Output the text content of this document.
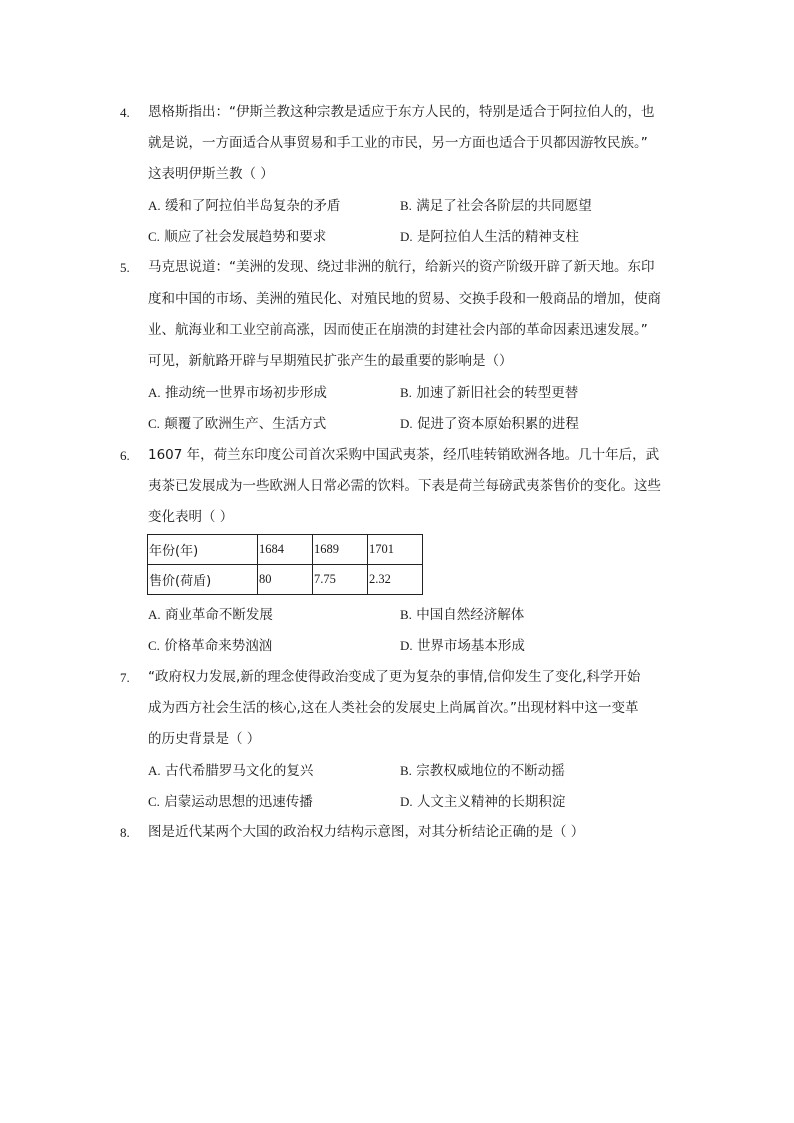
4. 恩格斯指出：“伊斯兰教这种宗教是适应于东方人民的，特别是适合于阿拉伯人的，也
就是说，一方面适合从事贸易和手工业的市民，另一方面也适合于贝都因游牧民族。”
这表明伊斯兰教（ ）
A. 缓和了阿拉伯半岛复杂的矛盾	B. 满足了社会各阶层的共同愿望
C. 顺应了社会发展趋势和要求	D. 是阿拉伯人生活的精神支柱
5. 马克思说道：“美洲的发现、绕过非洲的航行，给新兴的资产阶级开辟了新天地。东印
度和中国的市场、美洲的殖民化、对殖民地的贸易、交换手段和一般商品的增加，使商
业、航海业和工业空前高涨，因而使正在崩溃的封建社会内部的革命因素迅速发展。”
可见，新航路开辟与早期殖民扩张产生的最重要的影响是（）
A. 推动统一世界市场初步形成	B. 加速了新旧社会的转型更替
C. 颠覆了欧洲生产、生活方式	D. 促进了资本原始积累的进程
6. 1607 年，荷兰东印度公司首次采购中国武夷茶，经爪哇转销欧洲各地。几十年后，武
夷茶已发展成为一些欧洲人日常必需的饮料。下表是荷兰每磅武夷茶售价的变化。这些
变化表明（ ）
年份(年)	1684	1689	1701
售价(荷盾)	80	7.75	2.32
A. 商业革命不断发展	B. 中国自然经济解体
C. 价格革命来势汹汹	D. 世界市场基本形成
7. “政府权力发展,新的理念使得政治变成了更为复杂的事情,信仰发生了变化,科学开始
成为西方社会生活的核心,这在人类社会的发展史上尚属首次。”出现材料中这一变革
的历史背景是（ ）
A. 古代希腊罗马文化的复兴	B. 宗教权威地位的不断动摇
C. 启蒙运动思想的迅速传播	D. 人文主义精神的长期积淀
8. 图是近代某两个大国的政治权力结构示意图，对其分析结论正确的是（ ）
